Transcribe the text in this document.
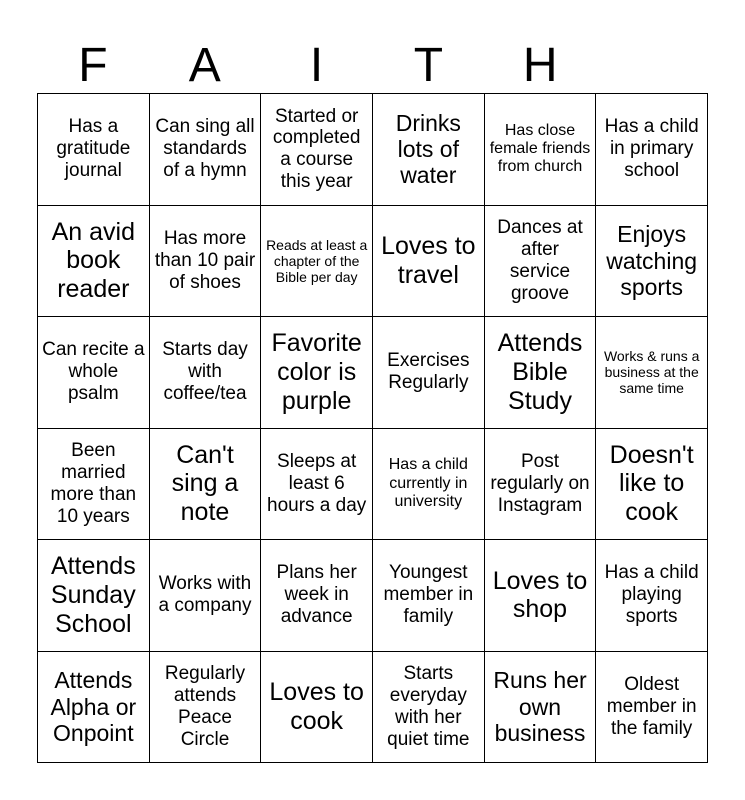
F	A	I	T	H
Has a gratitude journal
Can sing all standards of a hymn
Started or completed a course this year
Drinks lots of water
Has close female friends from church
Has a child in primary school
An avid book reader
Has more than 10 pair of shoes
Reads at least a chapter of the Bible per day
Loves to travel
Dances at after service groove
Enjoys watching sports
Can recite a whole psalm
Starts day with coffee/tea
Favorite color is purple
Exercises Regularly
Attends Bible Study
Works & runs a business at the same time
Been married more than 10 years
Can't sing a note
Sleeps at least 6 hours a day
Has a child currently in university
Post regularly on Instagram
Doesn't like to cook
Attends Sunday School
Works with a company
Plans her week in advance
Youngest member in family
Loves to shop
Has a child playing sports
Attends Alpha or Onpoint
Regularly attends Peace Circle
Loves to cook
Starts everyday with her quiet time
Runs her own business
Oldest member in the family
